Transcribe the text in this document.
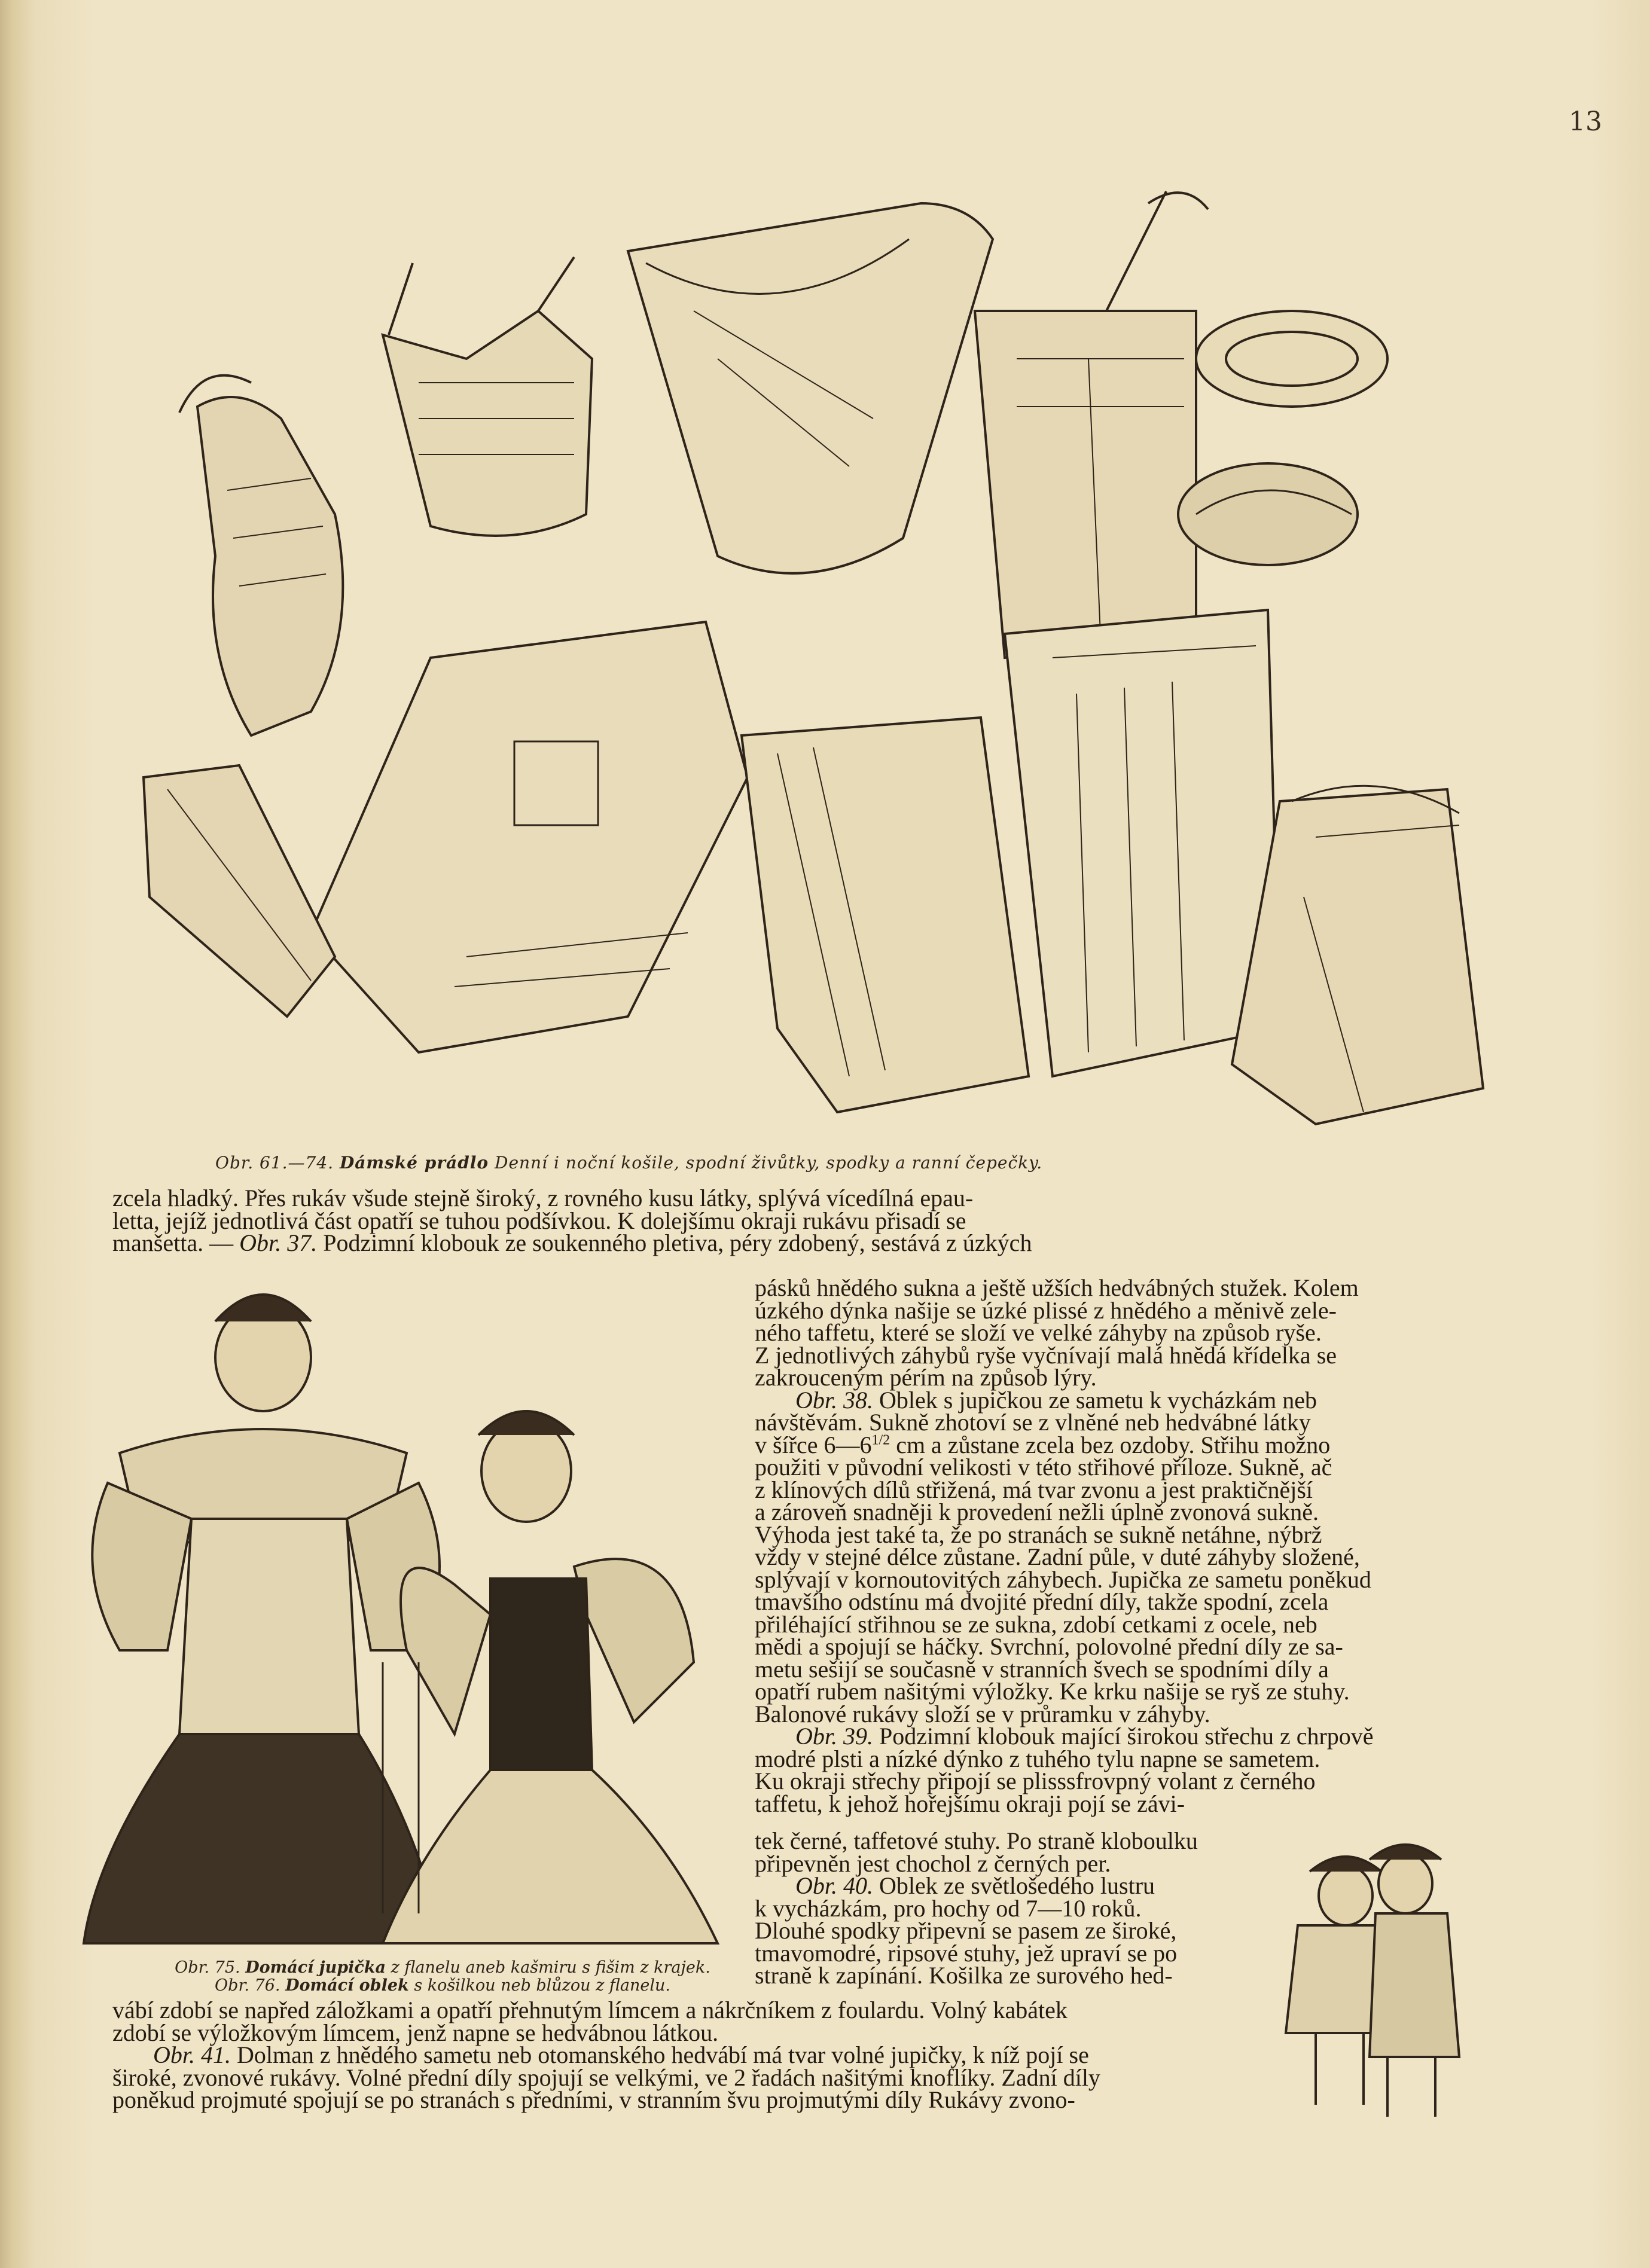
13
Obr. 61.—74. Dámské prádlo Denní i noční košile, spodní živůtky, spodky a ranní čepečky.
Obr. 75. Domácí jupička z flanelu aneb kašmiru s fišim z krajek.
Obr. 76. Domácí oblek s košilkou neb blůzou z flanelu.
zcela hladký. Přes rukáv všude stejně široký, z rovného kusu látky, splývá vícedílná epau-
letta, jejíž jednotlivá část opatří se tuhou podšívkou. K dolejšímu okraji rukávu přisadí se
manšetta. — Obr. 37. Podzimní klobouk ze soukenného pletiva, péry zdobený, sestává z úzkých
pásků hnědého sukna a ještě užších hedvábných stužek. Kolem
úzkého dýnka našije se úzké plissé z hnědého a měnivě zele-
ného taffetu, které se složí ve velké záhyby na způsob ryše.
Z jednotlivých záhybů ryše vyčnívají malá hnědá křídelka se
zakrouceným pérím na způsob lýry.
Obr. 38. Oblek s jupičkou ze sametu k vycházkám neb
návštěvám. Sukně zhotoví se z vlněné neb hedvábné látky
v šířce $6—6^{1/2}$ cm a zůstane zcela bez ozdoby. Střihu možno
použiti v původní velikosti v této střihové příloze. Sukně, ač
z klínových dílů střižená, má tvar zvonu a jest praktičnější
a zároveň snadněji k provedení nežli úplně zvonová sukně.
Výhoda jest také ta, že po stranách se sukně netáhne, nýbrž
vždy v stejné délce zůstane. Zadní půle, v duté záhyby složené,
splývají v kornoutovitých záhybech. Jupička ze sametu poněkud
tmavšího odstínu má dvojité přední díly, takže spodní, zcela
přiléhající střihnou se ze sukna, zdobí cetkami z ocele, neb
mědi a spojují se háčky. Svrchní, polovolné přední díly ze sa-
metu sešijí se současně v stranních švech se spodními díly a
opatří rubem našitými výložky. Ke krku našije se ryš ze stuhy.
Balonové rukávy složí se v průramku v záhyby.
Obr. 39. Podzimní klobouk mající širokou střechu z chrpově
modré plsti a nízké dýnko z tuhého tylu napne se sametem.
Ku okraji střechy připojí se plisssfrovpný volant z černého
taffetu, k jehož hořejšímu okraji pojí se závi-
tek černé, taffetové stuhy. Po straně kloboulku
připevněn jest chochol z černých per.
Obr. 40. Oblek ze světlošedého lustru
k vycházkám, pro hochy od 7—10 roků.
Dlouhé spodky připevní se pasem ze široké,
tmavomodré, ripsové stuhy, jež upraví se po
straně k zapínání. Košilka ze surového hed-
vábí zdobí se napřed záložkami a opatří přehnutým límcem a nákrčníkem z foulardu. Volný kabátek
zdobí se výložkovým límcem, jenž napne se hedvábnou látkou.
Obr. 41. Dolman z hnědého sametu neb otomanského hedvábí má tvar volné jupičky, k níž pojí se
široké, zvonové rukávy. Volné přední díly spojují se velkými, ve 2 řadách našitými knoflíky. Zadní díly
poněkud projmuté spojují se po stranách s předními, v stranním švu projmutými díly Rukávy zvono-
